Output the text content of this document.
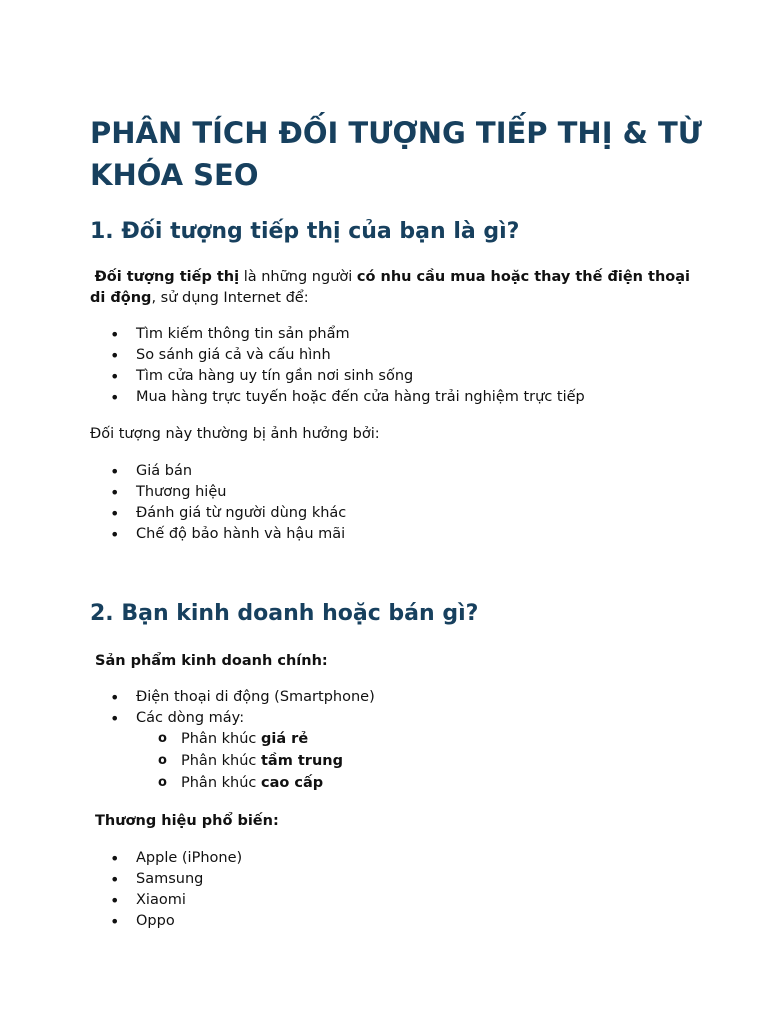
PHÂN TÍCH ĐỐI TƯỢNG TIẾP THỊ & TỪ KHÓA SEO
1. Đối tượng tiếp thị của bạn là gì?

Đối tượng tiếp thị là những người có nhu cầu mua hoặc thay thế điện thoại di động, sử dụng Internet để:

• Tìm kiếm thông tin sản phẩm
• So sánh giá cả và cấu hình
• Tìm cửa hàng uy tín gần nơi sinh sống
• Mua hàng trực tuyến hoặc đến cửa hàng trải nghiệm trực tiếp

Đối tượng này thường bị ảnh hưởng bởi:

• Giá bán
• Thương hiệu
• Đánh giá từ người dùng khác
• Chế độ bảo hành và hậu mãi
2. Bạn kinh doanh hoặc bán gì?

Sản phẩm kinh doanh chính:

• Điện thoại di động (Smartphone)
• Các dòng máy:
o Phân khúc giá rẻ
o Phân khúc tầm trung
o Phân khúc cao cấp

Thương hiệu phổ biến:

• Apple (iPhone)
• Samsung
• Xiaomi
• Oppo
